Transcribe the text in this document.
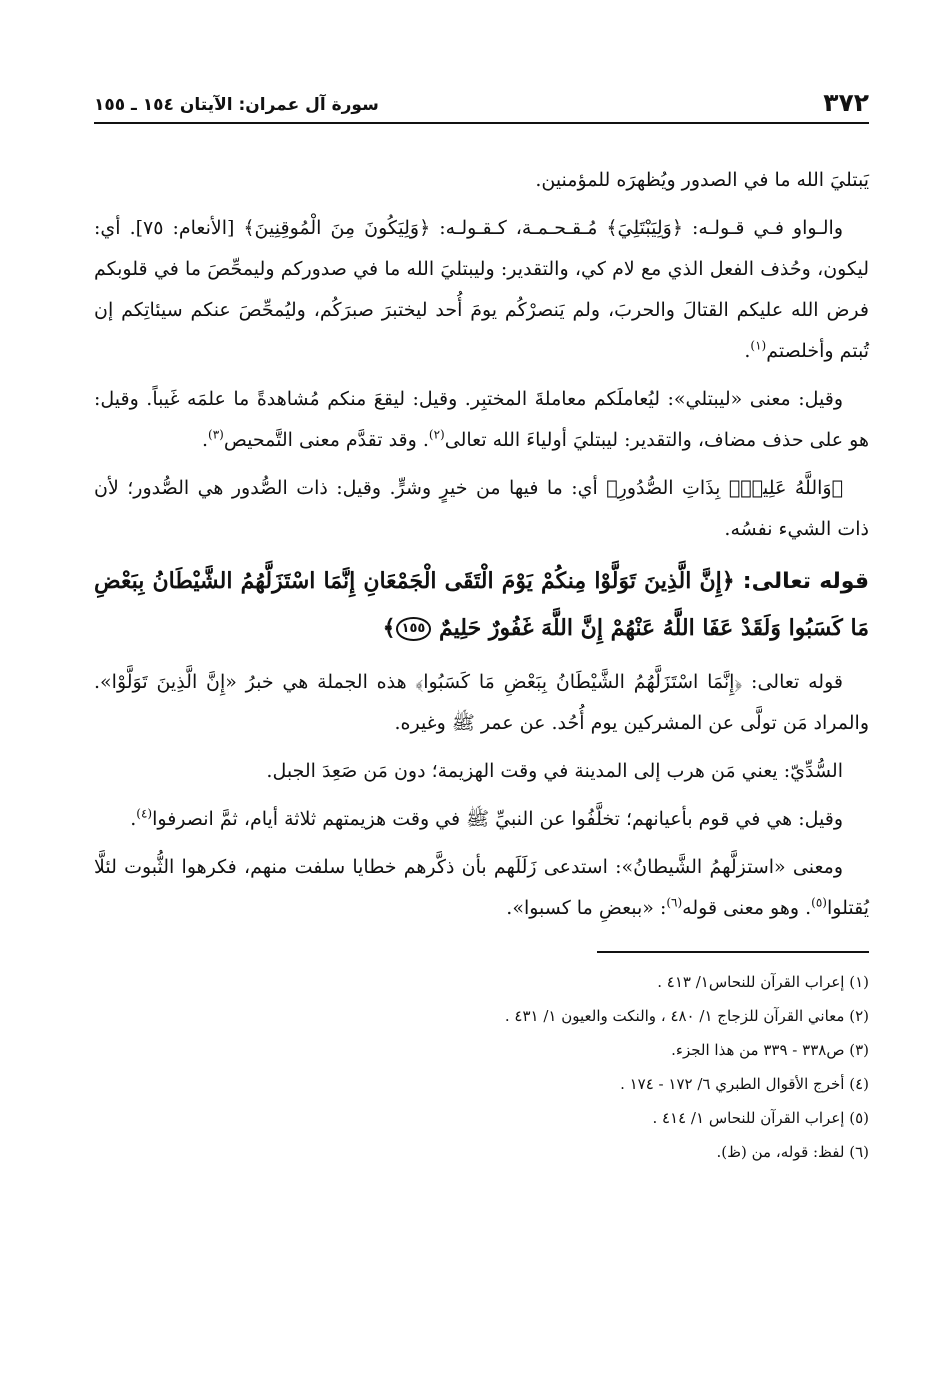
٣٧٢
سورة آل عمران: الآيتان ١٥٤ ـ ١٥٥

يَبتليَ الله ما في الصدور ويُظهرَه للمؤمنين.

والـواو فـي قـولـه: ﴿وَلِيَبْتَلِيَ﴾ مُـقـحـمـة، كـقـولـه: ﴿وَلِيَكُونَ مِنَ الْمُوقِنِينَ﴾ [الأنعام: ٧٥]. أي: ليكون، وحُذف الفعل الذي مع لام كي، والتقدير: وليبتليَ الله ما في صدوركم وليمحِّصَ ما في قلوبكم فرض الله عليكم القتالَ والحربَ، ولم يَنصرْكُم يومَ أُحد ليختبرَ صبرَكُم، وليُمحِّصَ عنكم سيئاتِكم إن تُبتم وأخلصتم$^{(١)}$.

وقيل: معنى «ليبتلي»: ليُعاملَكم معاملةَ المختبِر. وقيل: ليقعَ منكم مُشاهدةً ما علمَه غَيباً. وقيل: هو على حذف مضاف، والتقدير: ليبتليَ أولياءَ الله تعالى$^{(٢)}$. وقد تقدَّم معنى التَّمحيص$^{(٣)}$.

﴿وَاللَّهُ عَلِيمٌۢ بِذَاتِ الصُّدُورِ﴾ أي: ما فيها من خيرٍ وشرٍّ. وقيل: ذات الصُّدور هي الصُّدور؛ لأن ذات الشيء نفسُه.

قوله تعالى: ﴿إِنَّ الَّذِينَ تَوَلَّوْا مِنكُمْ يَوْمَ الْتَقَى الْجَمْعَانِ إِنَّمَا اسْتَزَلَّهُمُ الشَّيْطَانُ بِبَعْضِ مَا كَسَبُوا وَلَقَدْ عَفَا اللَّهُ عَنْهُمْ إِنَّ اللَّهَ غَفُورٌ حَلِيمٌ ١٥٥﴾

قوله تعالى: ﴿إِنَّمَا اسْتَزَلَّهُمُ الشَّيْطَانُ بِبَعْضِ مَا كَسَبُوا﴾ هذه الجملة هي خبرُ «إِنَّ الَّذِينَ تَوَلَّوْا». والمراد مَن تولَّى عن المشركين يوم أُحُد. عن عمر ﷺ وغيره.

السُّدِّيّ: يعني مَن هرب إلى المدينة في وقت الهزيمة؛ دون مَن صَعِدَ الجبل.

وقيل: هي في قوم بأعيانهم؛ تخلَّفُوا عن النبيِّ ﷺ في وقت هزيمتهم ثلاثة أيام، ثمَّ انصرفوا$^{(٤)}$.

ومعنى «استزلَّهمُ الشَّيطانُ»: استدعى زَلَلَهم بأن ذكَّرهم خطايا سلفت منهم، فكرهوا الثُّبوت لئلَّا يُقتلوا$^{(٥)}$. وهو معنى قوله$^{(٦)}$: «ببعضِ ما كسبوا».

(١) إعراب القرآن للنحاس١/ ٤١٣ .
(٢) معاني القرآن للزجاج ١/ ٤٨٠ ، والنكت والعيون ١/ ٤٣١ .
(٣) ص٣٣٨ - ٣٣٩ من هذا الجزء.
(٤) أخرج الأقوال الطبري ٦/ ١٧٢ - ١٧٤ .
(٥) إعراب القرآن للنحاس ١/ ٤١٤ .
(٦) لفظ: قوله، من (ظ).
